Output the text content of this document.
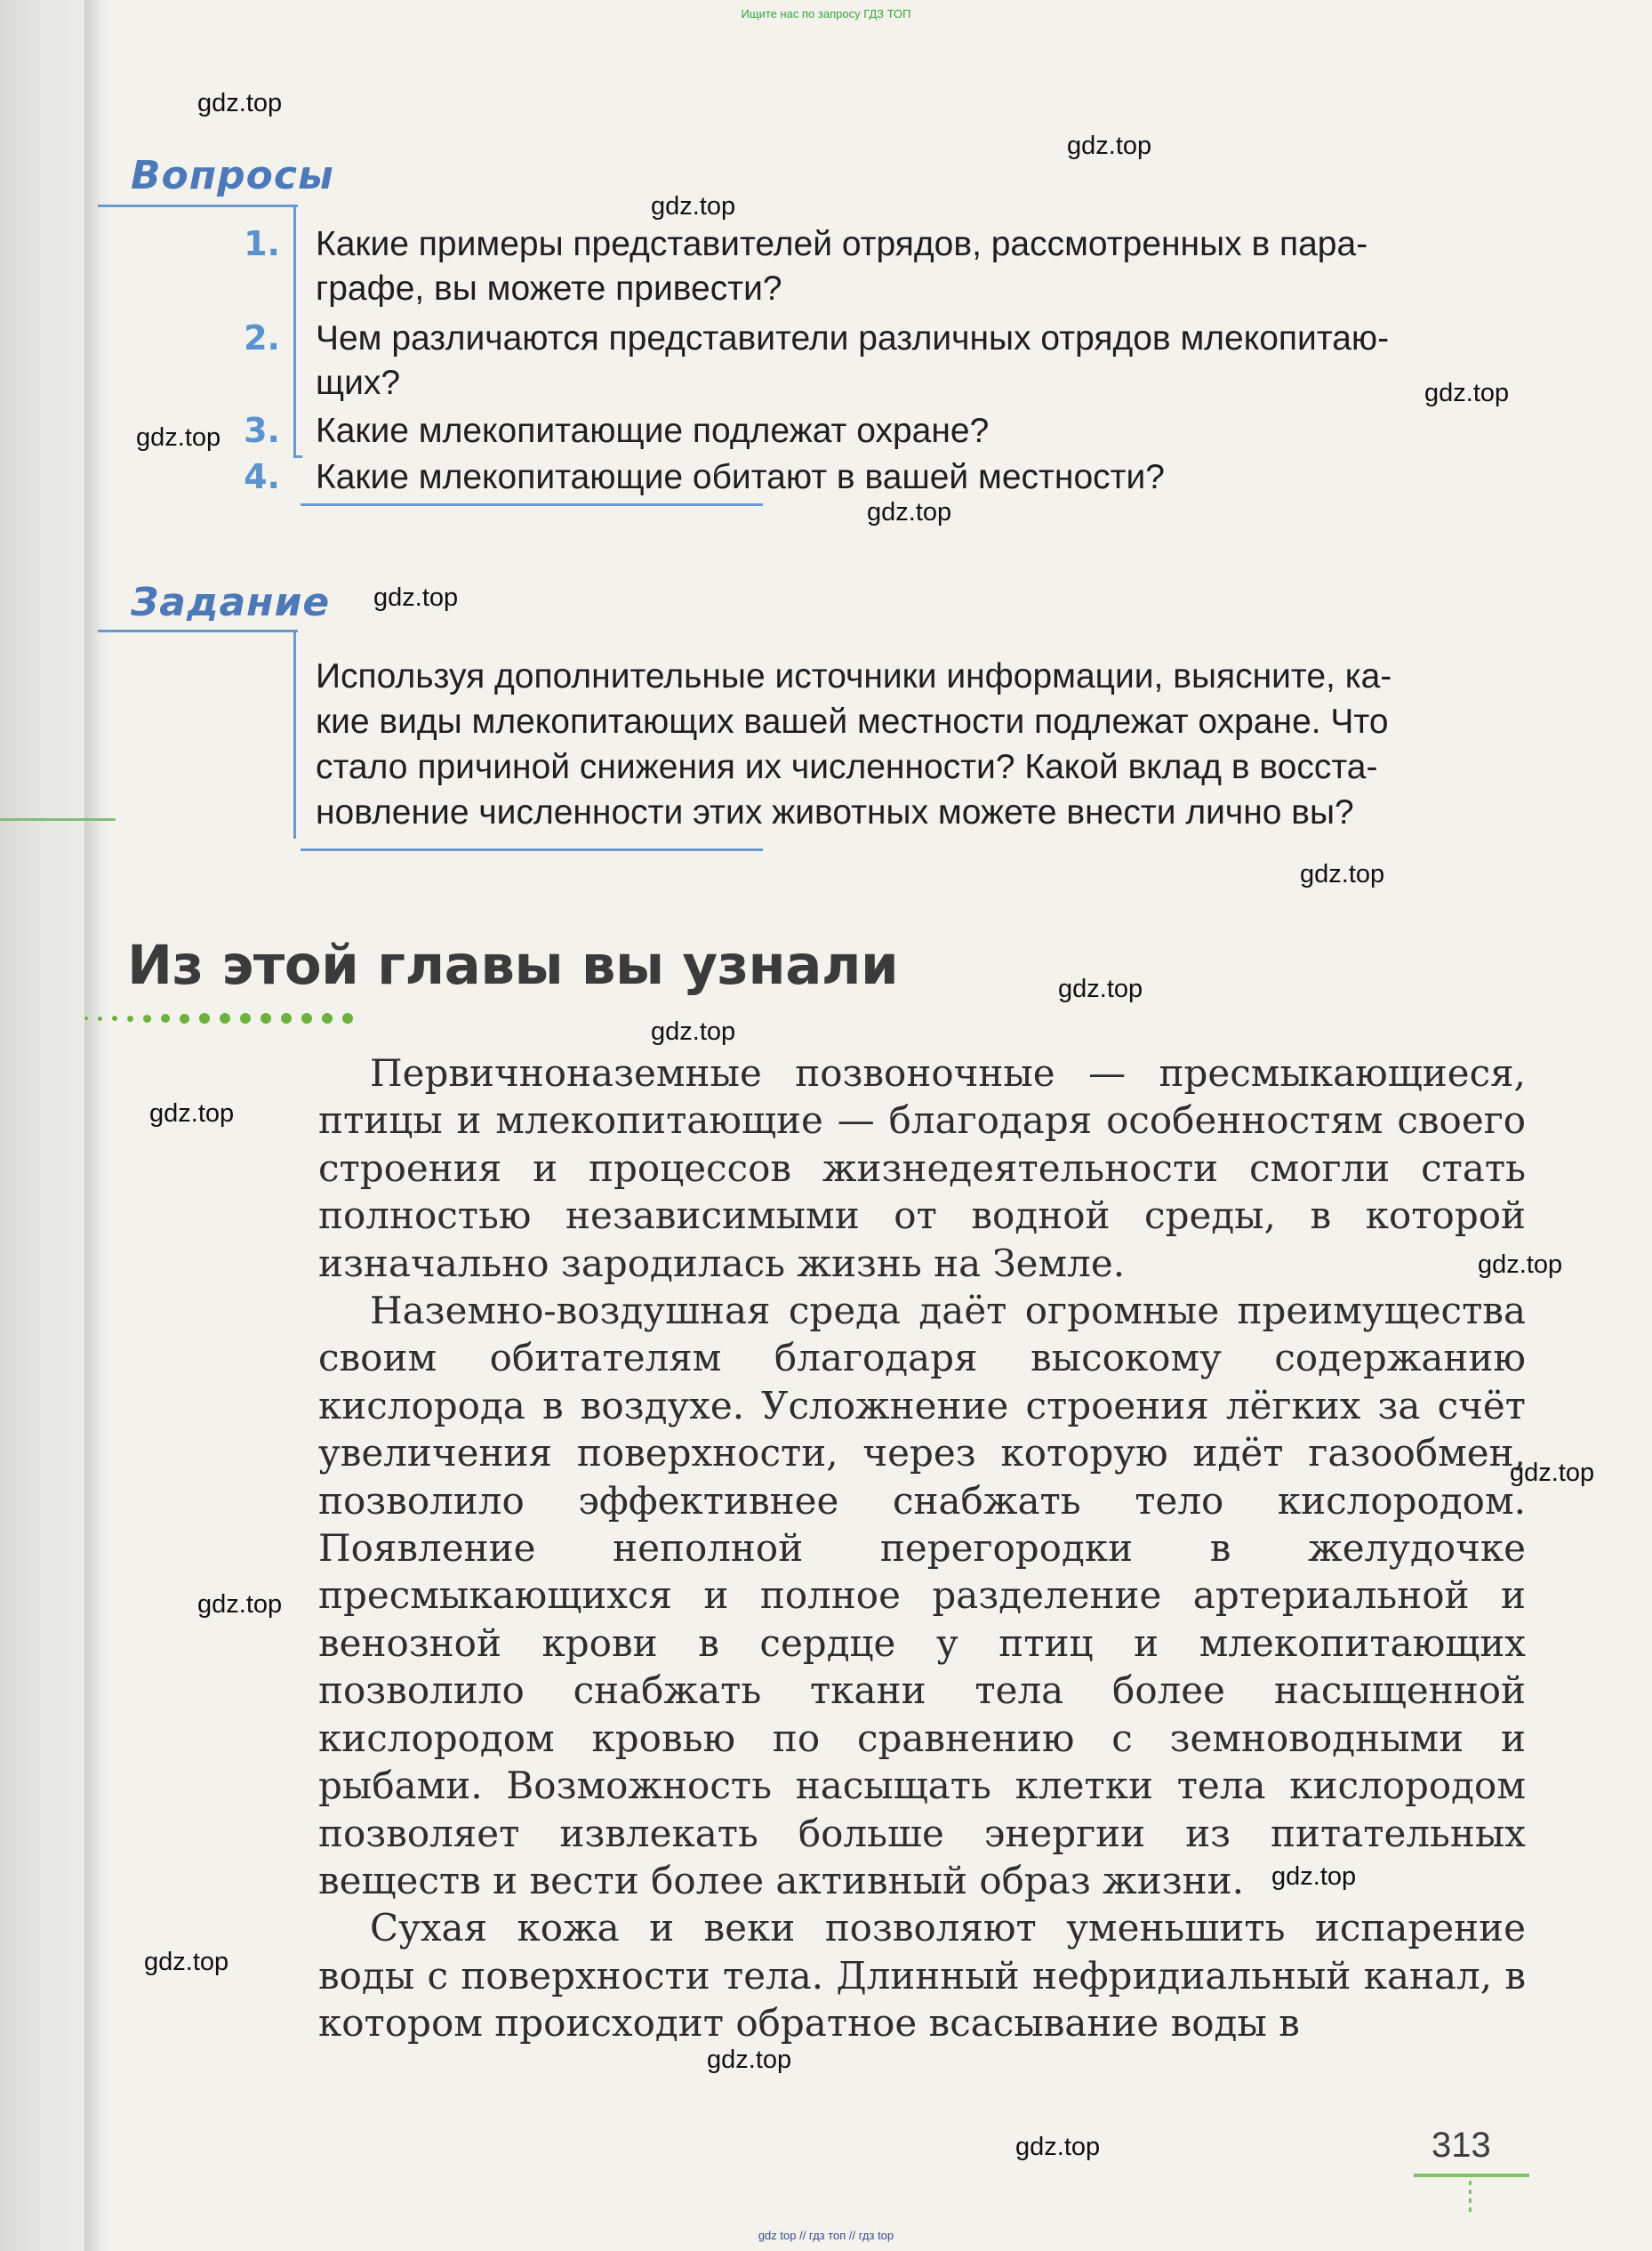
Ищите нас по запросу ГДЗ ТОП
Вопросы
1. Какие примеры представителей отрядов, рассмотренных в пара-
графе, вы можете привести?
2. Чем различаются представители различных отрядов млекопитаю-
щих?
3. Какие млекопитающие подлежат охране?
4. Какие млекопитающие обитают в вашей местности?
Задание
Используя дополнительные источники информации, выясните, ка-
кие виды млекопитающих вашей местности подлежат охране. Что
стало причиной снижения их численности? Какой вклад в восста-
новление численности этих животных можете внести лично вы?
Из этой главы вы узнали

Первичноназемные позвоночные — пресмыкающиеся, птицы и млекопитающие — благодаря особенностям своего строения и процессов жизнедеятельности смогли стать полностью независимыми от водной среды, в которой изначально зародилась жизнь на Земле.

Наземно-воздушная среда даёт огромные преимущества своим обитателям благодаря высокому содержанию кислорода в воздухе. Усложнение строения лёгких за счёт увеличения поверхности, через которую идёт газообмен, позволило эффективнее снабжать тело кислородом. Появление неполной перегородки в желудочке пресмыкающихся и полное разделение артериальной и венозной крови в сердце у птиц и млекопитающих позволило снабжать ткани тела более насыщенной кислородом кровью по сравнению с земноводными и рыбами. Возможность насыщать клетки тела кислородом позволяет извлекать больше энергии из питательных веществ и вести более активный образ жизни.

Сухая кожа и веки позволяют уменьшить испарение воды с поверхности тела. Длинный нефридиальный канал, в котором происходит обратное всасывание воды в

gdz.top
gdz.top
gdz.top
gdz.top
gdz.top
gdz.top
gdz.top
gdz.top
gdz.top
gdz.top
gdz.top
gdz.top
gdz.top
gdz.top
gdz.top
gdz.top
gdz.top
gdz.top	313
gdz top // гдз топ // гдз top
